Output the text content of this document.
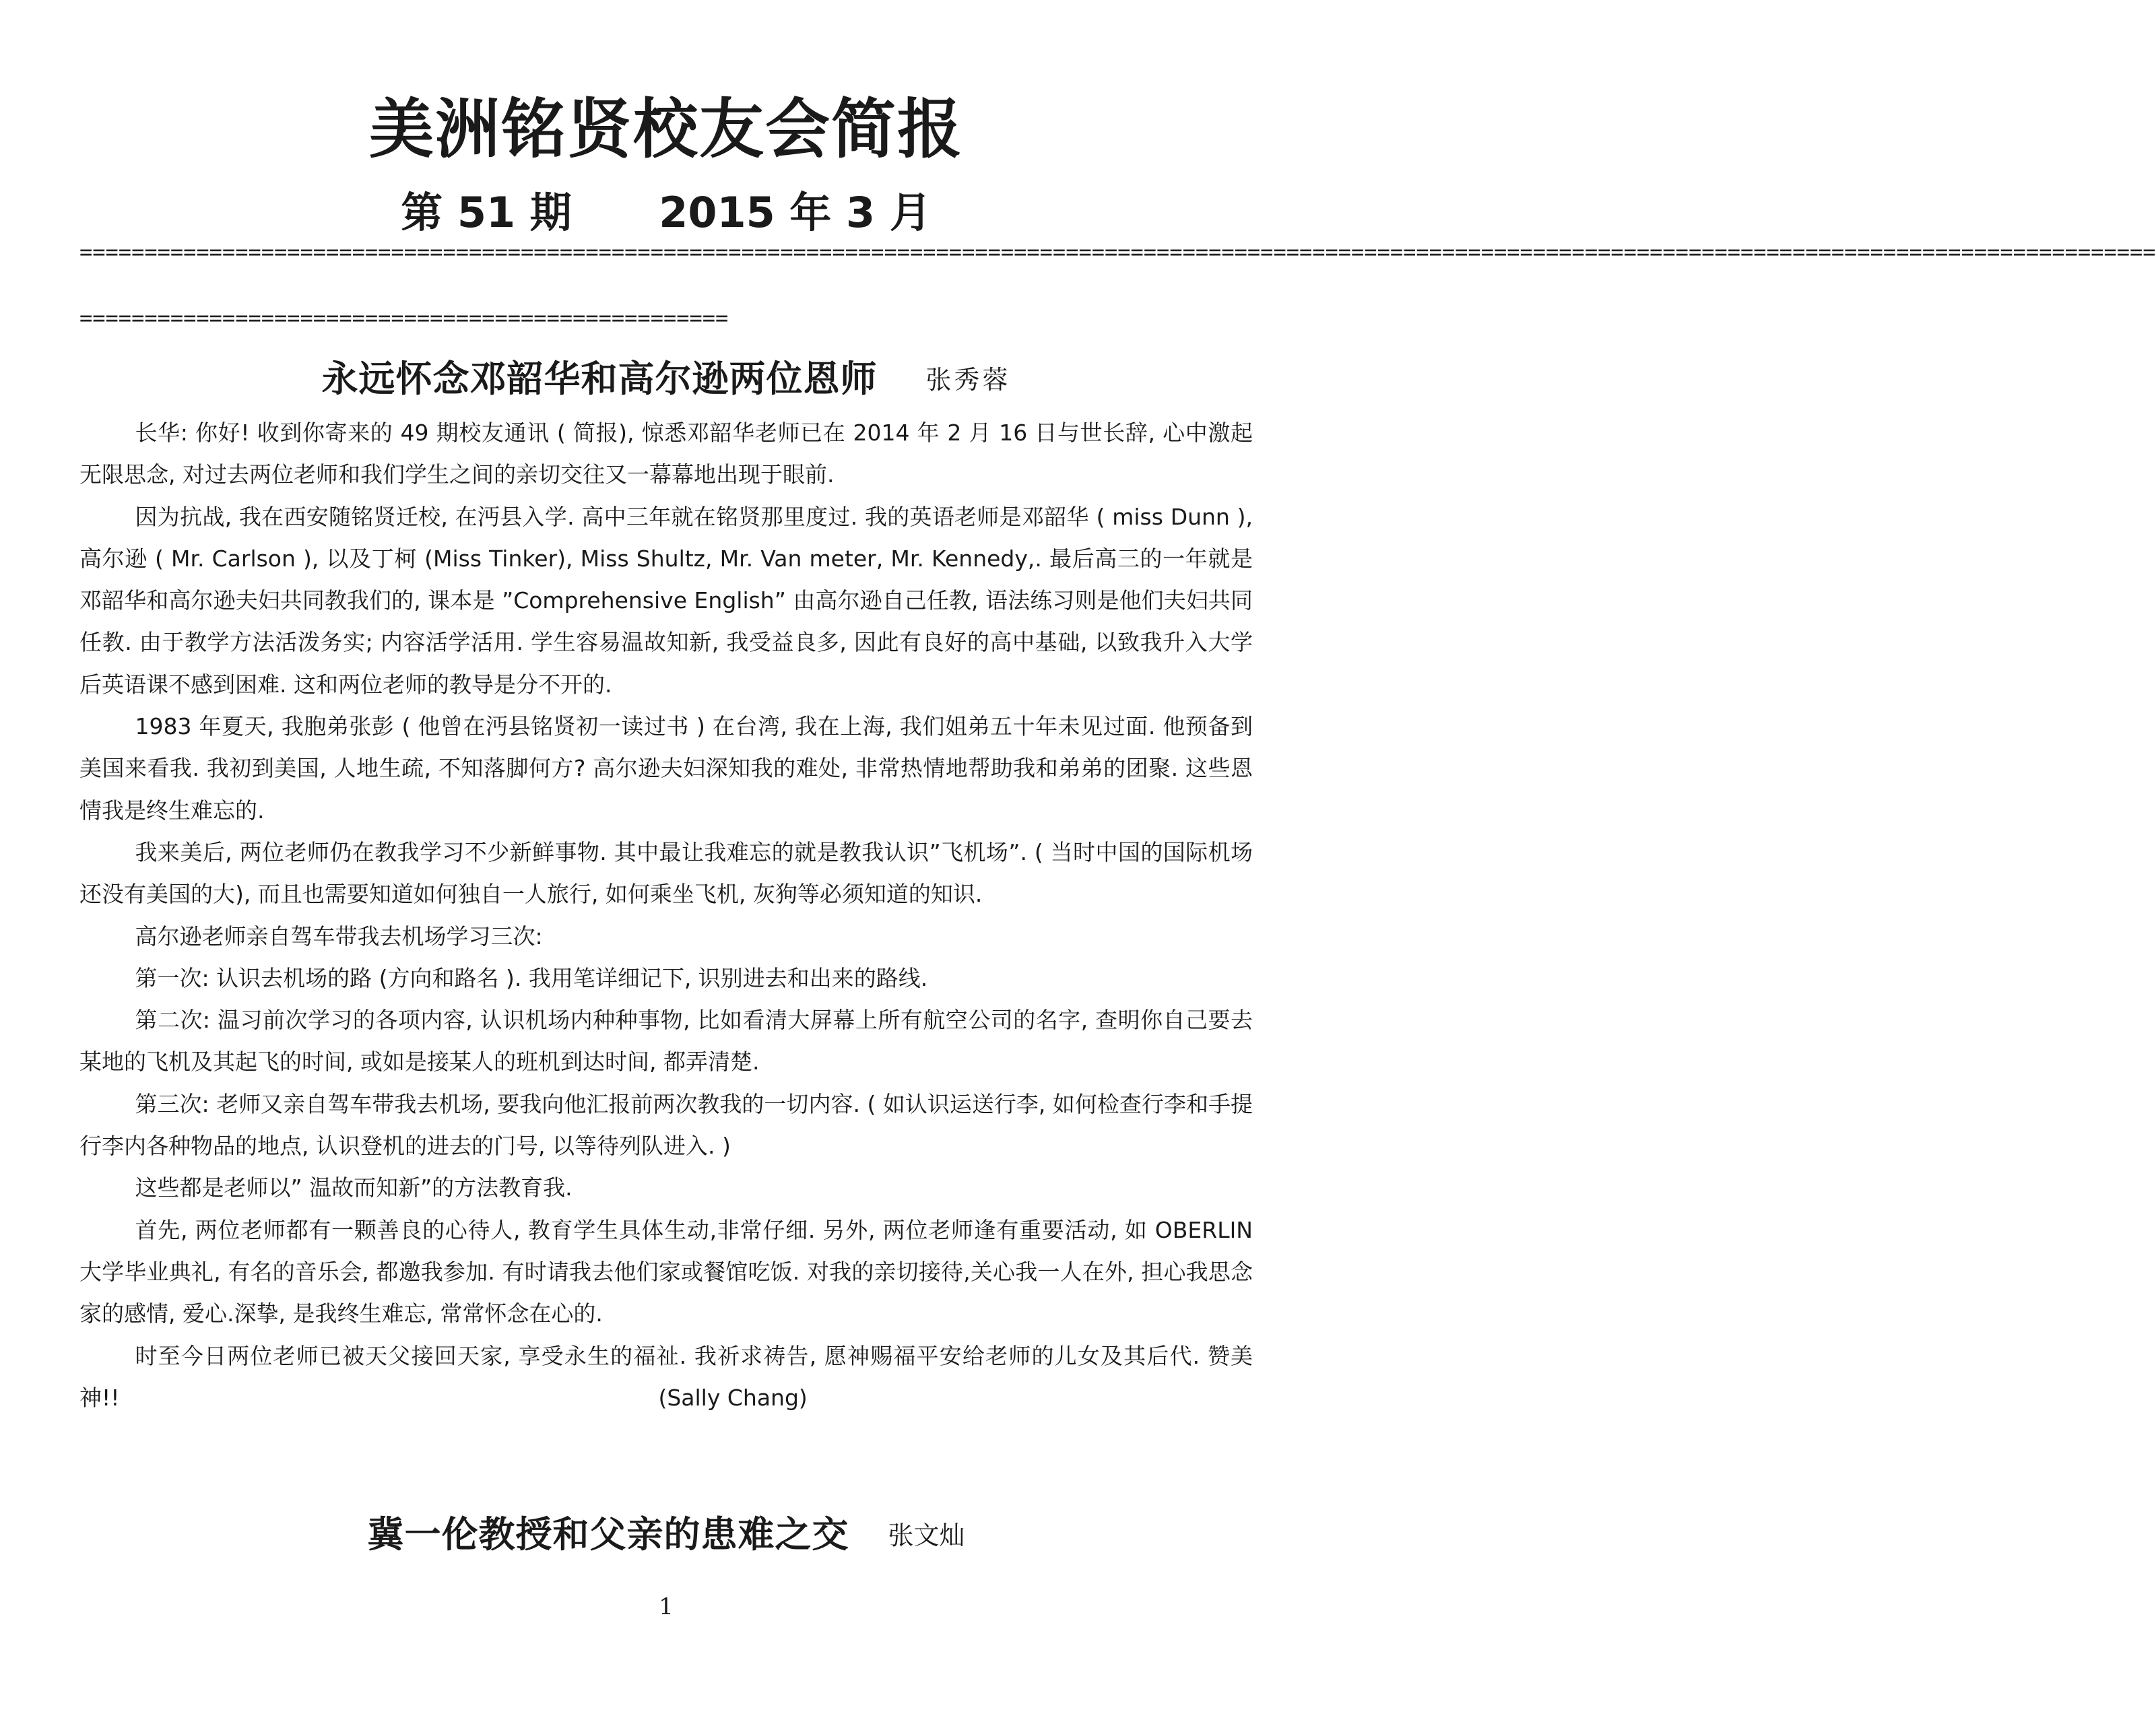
美洲铭贤校友会简报
第 51 期      2015 年 3 月
================================================================================================================================================================
==================================================
永远怀念邓韶华和高尔逊两位恩师 张秀蓉

长华: 你好! 收到你寄来的 49 期校友通讯 ( 简报), 惊悉邓韶华老师已在 2014 年 2 月 16 日与世长辞, 心中激起无限思念, 对过去两位老师和我们学生之间的亲切交往又一幕幕地出现于眼前.

因为抗战, 我在西安随铭贤迁校, 在沔县入学. 高中三年就在铭贤那里度过. 我的英语老师是邓韶华 ( miss Dunn ), 高尔逊 ( Mr. Carlson ), 以及丁柯 (Miss Tinker), Miss Shultz, Mr. Van meter, Mr. Kennedy,. 最后高三的一年就是邓韶华和高尔逊夫妇共同教我们的, 课本是 ”Comprehensive English” 由高尔逊自己任教, 语法练习则是他们夫妇共同任教. 由于教学方法活泼务实; 内容活学活用. 学生容易温故知新, 我受益良多, 因此有良好的高中基础, 以致我升入大学后英语课不感到困难. 这和两位老师的教导是分不开的.

1983 年夏天, 我胞弟张彭 ( 他曾在沔县铭贤初一读过书 ) 在台湾, 我在上海, 我们姐弟五十年未见过面. 他预备到美国来看我. 我初到美国, 人地生疏, 不知落脚何方? 高尔逊夫妇深知我的难处, 非常热情地帮助我和弟弟的团聚. 这些恩情我是终生难忘的.

我来美后, 两位老师仍在教我学习不少新鲜事物. 其中最让我难忘的就是教我认识”飞机场”. ( 当时中国的国际机场还没有美国的大), 而且也需要知道如何独自一人旅行, 如何乘坐飞机, 灰狗等必须知道的知识.

高尔逊老师亲自驾车带我去机场学习三次:

第一次: 认识去机场的路 (方向和路名 ). 我用笔详细记下, 识别进去和出来的路线.

第二次: 温习前次学习的各项内容, 认识机场内种种事物, 比如看清大屏幕上所有航空公司的名字, 查明你自己要去某地的飞机及其起飞的时间, 或如是接某人的班机到达时间, 都弄清楚.

第三次: 老师又亲自驾车带我去机场, 要我向他汇报前两次教我的一切内容. ( 如认识运送行李, 如何检查行李和手提行李内各种物品的地点, 认识登机的进去的门号, 以等待列队进入. )

这些都是老师以” 温故而知新”的方法教育我.

首先, 两位老师都有一颗善良的心待人, 教育学生具体生动,非常仔细. 另外, 两位老师逢有重要活动, 如 OBERLIN 大学毕业典礼, 有名的音乐会, 都邀我参加. 有时请我去他们家或餐馆吃饭. 对我的亲切接待,关心我一人在外, 担心我思念家的感情, 爱心.深挚, 是我终生难忘, 常常怀念在心的.

时至今日两位老师已被天父接回天家, 享受永生的福祉. 我祈求祷告, 愿神赐福平安给老师的儿女及其后代. 赞美神!!	(Sally Chang)

冀一伦教授和父亲的患难之交 张文灿
1
